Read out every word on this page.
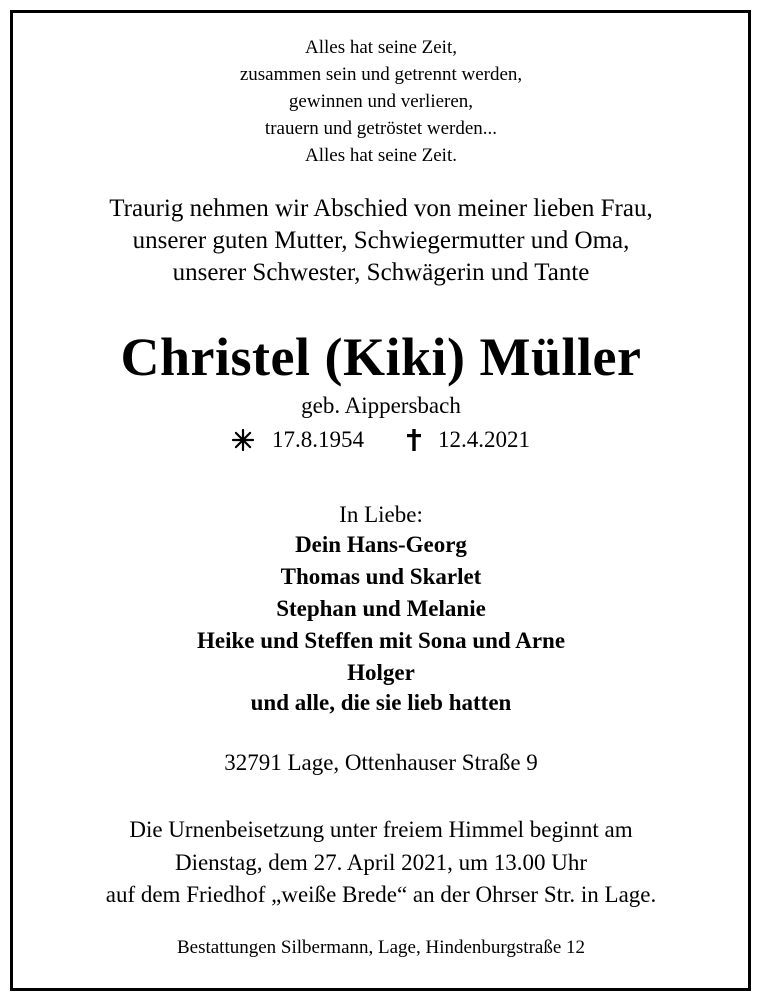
Alles hat seine Zeit,
zusammen sein und getrennt werden,
gewinnen und verlieren,
trauern und getröstet werden...
Alles hat seine Zeit.
Traurig nehmen wir Abschied von meiner lieben Frau,
unserer guten Mutter, Schwiegermutter und Oma,
unserer Schwester, Schwägerin und Tante
Christel (Kiki) Müller
geb. Aippersbach
17.8.1954	12.4.2021
In Liebe:
Dein Hans-Georg
Thomas und Skarlet
Stephan und Melanie
Heike und Steffen mit Sona und Arne
Holger
und alle, die sie lieb hatten
32791 Lage, Ottenhauser Straße 9
Die Urnenbeisetzung unter freiem Himmel beginnt am
Dienstag, dem 27. April 2021, um 13.00 Uhr
auf dem Friedhof „weiße Brede“ an der Ohrser Str. in Lage.
Bestattungen Silbermann, Lage, Hindenburgstraße 12
